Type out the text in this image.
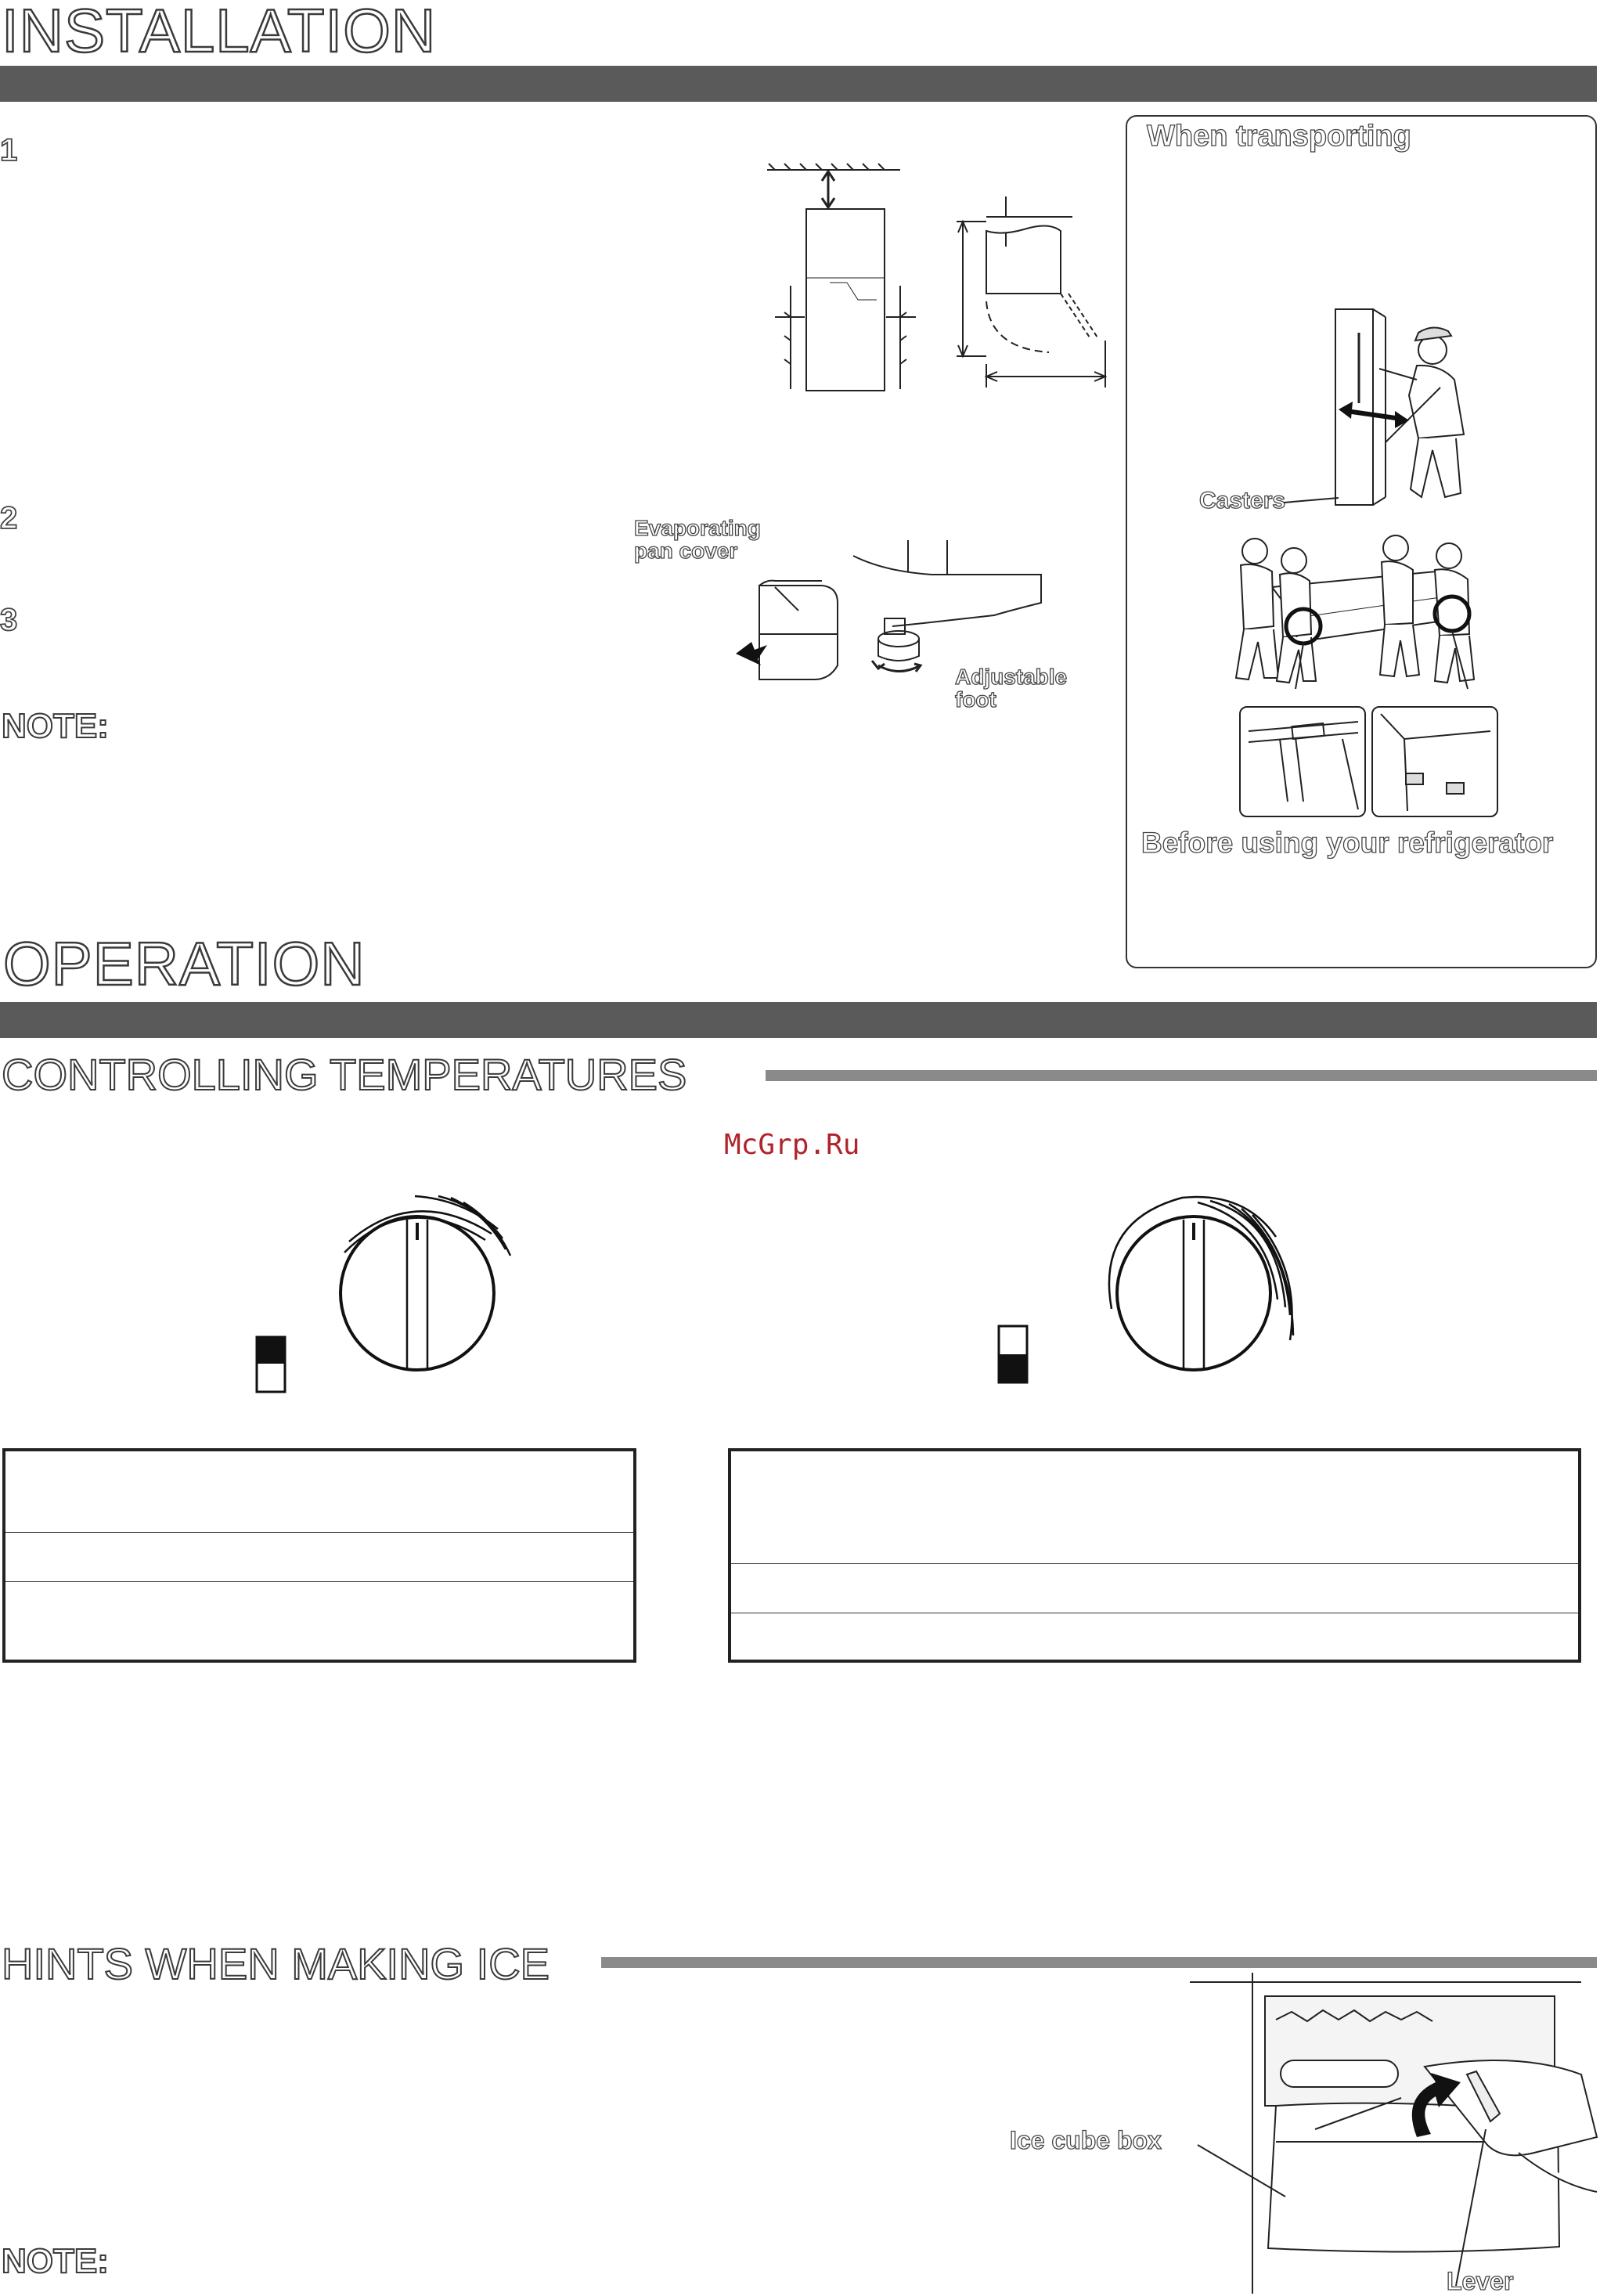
INSTALLATION
1
2
3
NOTE:
Evaporating
pan cover
Adjustable
foot
When transporting
Casters
Before using your refrigerator
OPERATION
CONTROLLING TEMPERATURES
McGrp.Ru
HINTS WHEN MAKING ICE
Ice cube box
Lever
NOTE:
